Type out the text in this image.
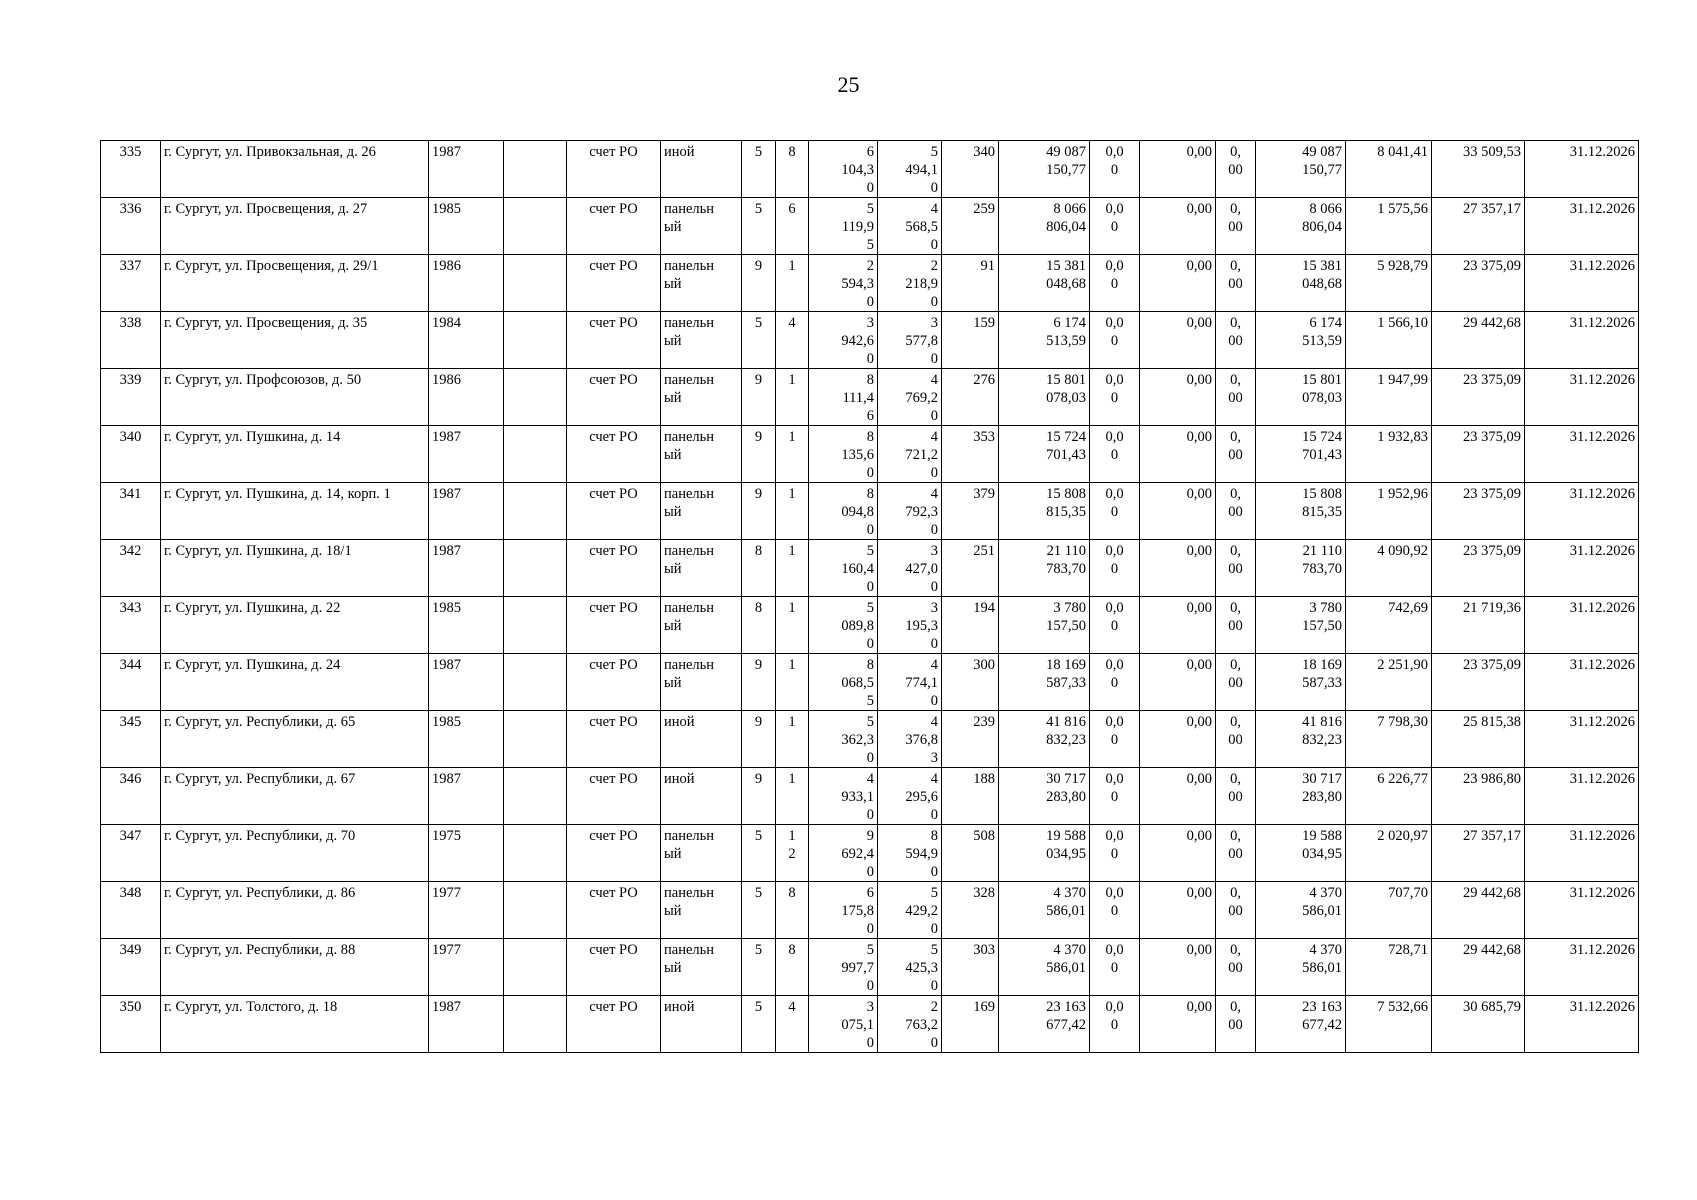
25
335	г. Сургут, ул. Привокзальная, д. 26	1987		счет РО	иной	5	8	6
104,3
0	5
494,1
0	340	49 087
150,77	0,0
0	0,00	0,
00	49 087
150,77	8 041,41	33 509,53	31.12.2026
336	г. Сургут, ул. Просвещения, д. 27	1985		счет РО	панельн
ый	5	6	5
119,9
5	4
568,5
0	259	8 066
806,04	0,0
0	0,00	0,
00	8 066
806,04	1 575,56	27 357,17	31.12.2026
337	г. Сургут, ул. Просвещения, д. 29/1	1986		счет РО	панельн
ый	9	1	2
594,3
0	2
218,9
0	91	15 381
048,68	0,0
0	0,00	0,
00	15 381
048,68	5 928,79	23 375,09	31.12.2026
338	г. Сургут, ул. Просвещения, д. 35	1984		счет РО	панельн
ый	5	4	3
942,6
0	3
577,8
0	159	6 174
513,59	0,0
0	0,00	0,
00	6 174
513,59	1 566,10	29 442,68	31.12.2026
339	г. Сургут, ул. Профсоюзов, д. 50	1986		счет РО	панельн
ый	9	1	8
111,4
6	4
769,2
0	276	15 801
078,03	0,0
0	0,00	0,
00	15 801
078,03	1 947,99	23 375,09	31.12.2026
340	г. Сургут, ул. Пушкина, д. 14	1987		счет РО	панельн
ый	9	1	8
135,6
0	4
721,2
0	353	15 724
701,43	0,0
0	0,00	0,
00	15 724
701,43	1 932,83	23 375,09	31.12.2026
341	г. Сургут, ул. Пушкина, д. 14, корп. 1	1987		счет РО	панельн
ый	9	1	8
094,8
0	4
792,3
0	379	15 808
815,35	0,0
0	0,00	0,
00	15 808
815,35	1 952,96	23 375,09	31.12.2026
342	г. Сургут, ул. Пушкина, д. 18/1	1987		счет РО	панельн
ый	8	1	5
160,4
0	3
427,0
0	251	21 110
783,70	0,0
0	0,00	0,
00	21 110
783,70	4 090,92	23 375,09	31.12.2026
343	г. Сургут, ул. Пушкина, д. 22	1985		счет РО	панельн
ый	8	1	5
089,8
0	3
195,3
0	194	3 780
157,50	0,0
0	0,00	0,
00	3 780
157,50	742,69	21 719,36	31.12.2026
344	г. Сургут, ул. Пушкина, д. 24	1987		счет РО	панельн
ый	9	1	8
068,5
5	4
774,1
0	300	18 169
587,33	0,0
0	0,00	0,
00	18 169
587,33	2 251,90	23 375,09	31.12.2026
345	г. Сургут, ул. Республики, д. 65	1985		счет РО	иной	9	1	5
362,3
0	4
376,8
3	239	41 816
832,23	0,0
0	0,00	0,
00	41 816
832,23	7 798,30	25 815,38	31.12.2026
346	г. Сургут, ул. Республики, д. 67	1987		счет РО	иной	9	1	4
933,1
0	4
295,6
0	188	30 717
283,80	0,0
0	0,00	0,
00	30 717
283,80	6 226,77	23 986,80	31.12.2026
347	г. Сургут, ул. Республики, д. 70	1975		счет РО	панельн
ый	5	1
2	9
692,4
0	8
594,9
0	508	19 588
034,95	0,0
0	0,00	0,
00	19 588
034,95	2 020,97	27 357,17	31.12.2026
348	г. Сургут, ул. Республики, д. 86	1977		счет РО	панельн
ый	5	8	6
175,8
0	5
429,2
0	328	4 370
586,01	0,0
0	0,00	0,
00	4 370
586,01	707,70	29 442,68	31.12.2026
349	г. Сургут, ул. Республики, д. 88	1977		счет РО	панельн
ый	5	8	5
997,7
0	5
425,3
0	303	4 370
586,01	0,0
0	0,00	0,
00	4 370
586,01	728,71	29 442,68	31.12.2026
350	г. Сургут, ул. Толстого, д. 18	1987		счет РО	иной	5	4	3
075,1
0	2
763,2
0	169	23 163
677,42	0,0
0	0,00	0,
00	23 163
677,42	7 532,66	30 685,79	31.12.2026
